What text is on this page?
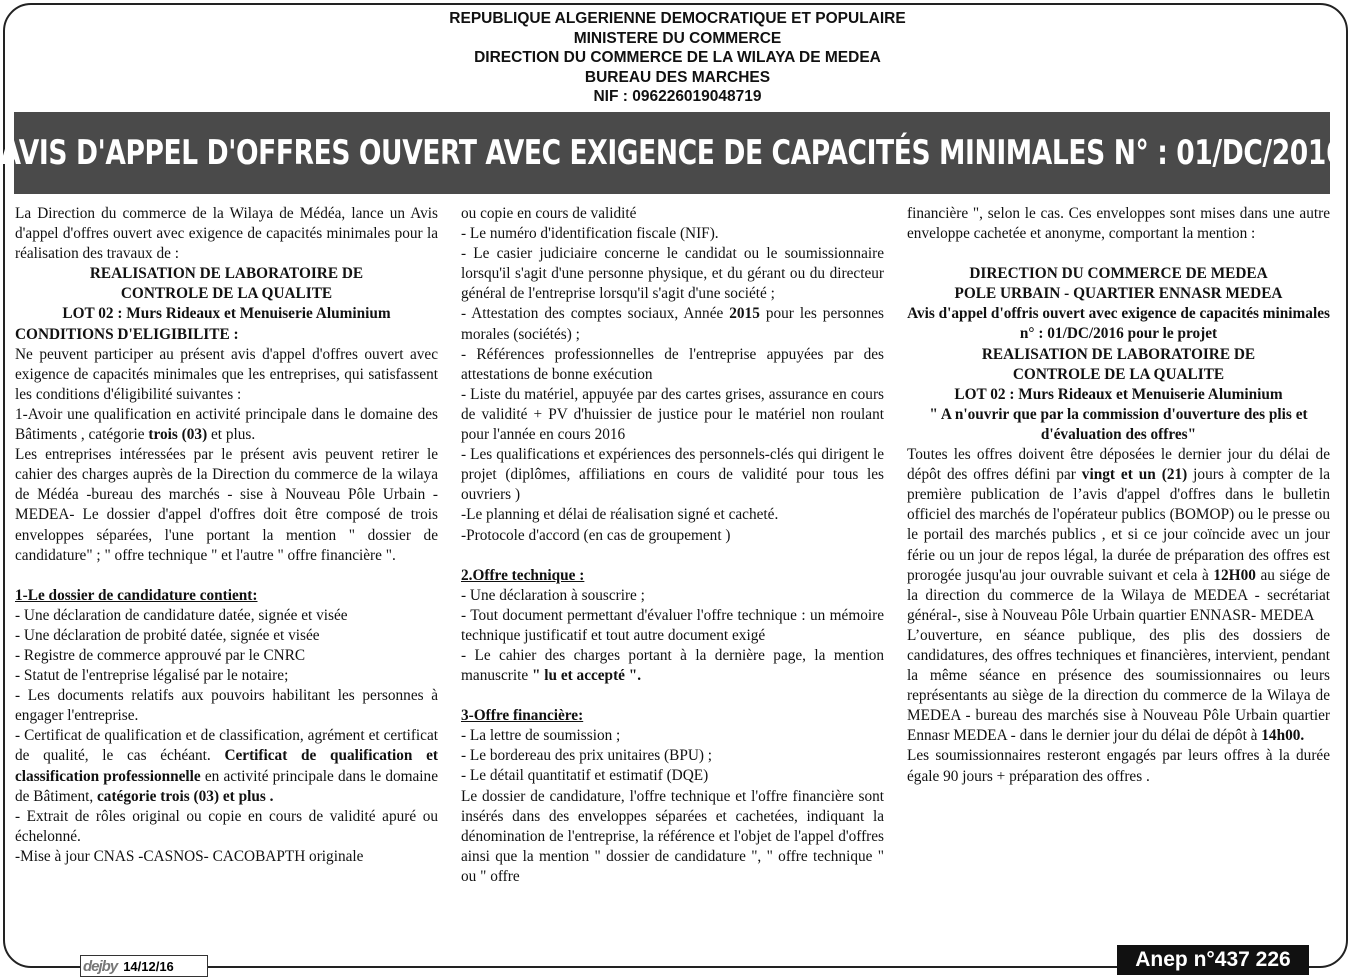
REPUBLIQUE ALGERIENNE DEMOCRATIQUE ET POPULAIRE
MINISTERE DU COMMERCE
DIRECTION DU COMMERCE DE LA WILAYA DE MEDEA
BUREAU DES MARCHES
NIF : 096226019048719
AVIS D'APPEL D'OFFRES OUVERT AVEC EXIGENCE DE CAPACITÉS MINIMALES N° : 01/DC/2016

La Direction du commerce de la Wilaya de Médéa, lance un Avis d'appel d'offres ouvert avec exigence de capacités minimales pour la réalisation des travaux de :

REALISATION DE LABORATOIRE DE CONTROLE DE LA QUALITE

LOT 02 : Murs Rideaux et Menuiserie Aluminium

CONDITIONS D'ELIGIBILITE :

Ne peuvent participer au présent avis d'appel d'offres ouvert avec exigence de capacités minimales que les entreprises, qui satisfassent les conditions d'éligibilité suivantes :

1-Avoir une qualification en activité principale dans le domaine des Bâtiments , catégorie trois (03) et plus.

Les entreprises intéressées par le présent avis peuvent retirer le cahier des charges auprès de la Direction du commerce de la wilaya de Médéa -bureau des marchés - sise à Nouveau Pôle Urbain - MEDEA- Le dossier d'appel d'offres doit être composé de trois enveloppes séparées, l'une portant la mention " dossier de candidature" ; " offre technique " et l'autre " offre financière ".

1-Le dossier de candidature contient:

- Une déclaration de candidature datée, signée et visée

- Une déclaration de probité datée, signée et visée

- Registre de commerce approuvé par le CNRC

- Statut de l'entreprise légalisé par le notaire;

- Les documents relatifs aux pouvoirs habilitant les personnes à engager l'entreprise.

- Certificat de qualification et de classification, agrément et certificat de qualité, le cas échéant. Certificat de qualification et classification professionnelle en activité principale dans le domaine de Bâtiment, catégorie trois (03) et plus .

- Extrait de rôles original ou copie en cours de validité apuré ou échelonné.

-Mise à jour CNAS -CASNOS- CACOBAPTH originale

ou copie en cours de validité

- Le numéro d'identification fiscale (NIF).

- Le casier judiciaire concerne le candidat ou le soumissionnaire lorsqu'il s'agit d'une personne physique, et du gérant ou du directeur général de l'entreprise lorsqu'il s'agit d'une société ;

- Attestation des comptes sociaux, Année 2015 pour les personnes morales (sociétés) ;

- Références professionnelles de l'entreprise appuyées par des attestations de bonne exécution

- Liste du matériel, appuyée par des cartes grises, assurance en cours de validité + PV d'huissier de justice pour le matériel non roulant pour l'année en cours 2016

- Les qualifications et expériences des personnels-clés qui dirigent le projet (diplômes, affiliations en cours de validité pour tous les ouvriers )

-Le planning et délai de réalisation signé et cacheté.

-Protocole d'accord (en cas de groupement )

2.Offre technique :

- Une déclaration à souscrire ;

- Tout document permettant d'évaluer l'offre technique : un mémoire technique justificatif et tout autre document exigé

- Le cahier des charges portant à la dernière page, la mention manuscrite " lu et accepté ".

3-Offre financière:

- La lettre de soumission ;

- Le bordereau des prix unitaires (BPU) ;

- Le détail quantitatif et estimatif (DQE)

Le dossier de candidature, l'offre technique et l'offre financière sont insérés dans des enveloppes séparées et cachetées, indiquant la dénomination de l'entreprise, la référence et l'objet de l'appel d'offres ainsi que la mention " dossier de candidature ", " offre technique " ou " offre

financière ", selon le cas. Ces enveloppes sont mises dans une autre enveloppe cachetée et anonyme, comportant la mention :

DIRECTION DU COMMERCE DE MEDEA

POLE URBAIN - QUARTIER ENNASR MEDEA

Avis d'appel d'offris ouvert avec exigence de capacités minimales n° : 01/DC/2016 pour le projet

REALISATION DE LABORATOIRE DE CONTROLE DE LA QUALITE

LOT 02 : Murs Rideaux et Menuiserie Aluminium

" A n'ouvrir que par la commission d'ouverture des plis et d'évaluation des offres"

Toutes les offres doivent être déposées le dernier jour du délai de dépôt des offres défini par vingt et un (21) jours à compter de la première publication de l’avis d'appel d'offres dans le bulletin officiel des marchés de l'opérateur publics (BOMOP) ou le presse ou le portail des marchés publics , et si ce jour coïncide avec un jour férie ou un jour de repos légal, la durée de préparation des offres est prorogée jusqu'au jour ouvrable suivant et cela à 12H00 au siége de la direction du commerce de la Wilaya de MEDEA - secrétariat général-, sise à Nouveau Pôle Urbain quartier ENNASR- MEDEA

L’ouverture, en séance publique, des plis des dossiers de candidatures, des offres techniques et financières, intervient, pendant la même séance en présence des soumissionnaires ou leurs représentants au siège de la direction du commerce de la Wilaya de MEDEA - bureau des marchés sise à Nouveau Pôle Urbain quartier Ennasr MEDEA - dans le dernier jour du délai de dépôt à 14h00.

Les soumissionnaires resteront engagés par leurs offres à la durée égale 90 jours + préparation des offres .

dejby 14/12/16	Anep n°437 226
